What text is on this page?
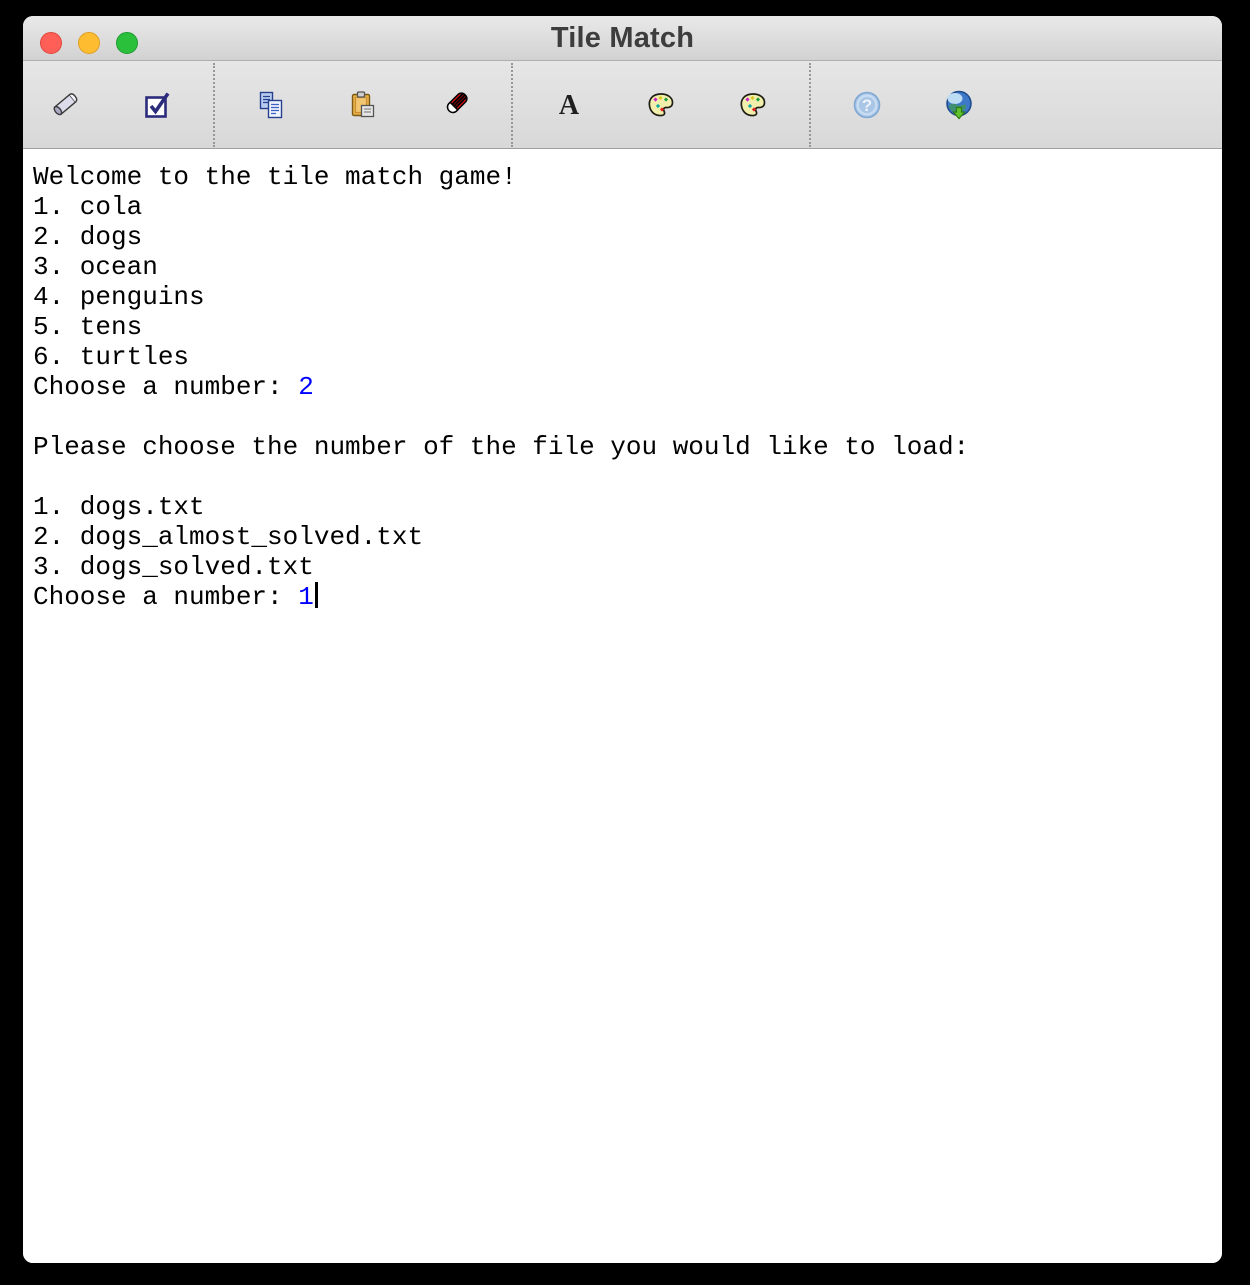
Tile Match
A	?
Welcome to the tile match game!
1. cola
2. dogs
3. ocean
4. penguins
5. tens
6. turtles
Choose a number: 2

Please choose the number of the file you would like to load:

1. dogs.txt
2. dogs_almost_solved.txt
3. dogs_solved.txt
Choose a number: 1
